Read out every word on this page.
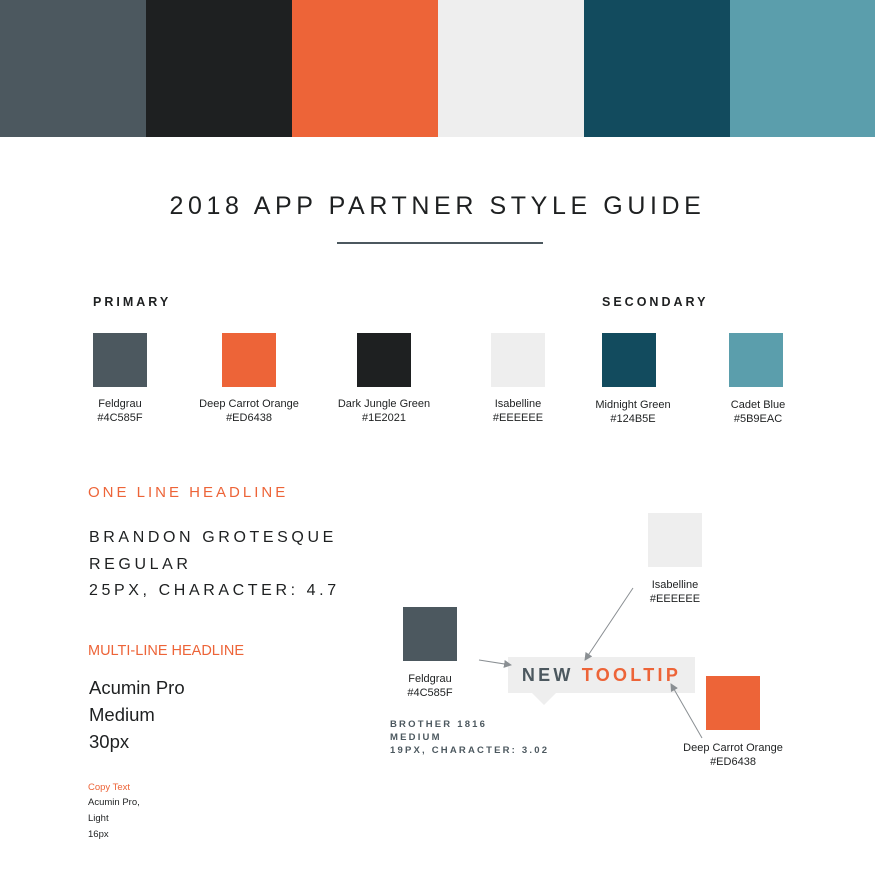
2018 APP PARTNER STYLE GUIDE
PRIMARY	SECONDARY
Feldgrau
#4C585F
Deep Carrot Orange
#ED6438
Dark Jungle Green
#1E2021
Isabelline
#EEEEEE
Midnight Green
#124B5E
Cadet Blue
#5B9EAC
ONE LINE HEADLINE
BRANDON GROTESQUE
REGULAR
25PX, CHARACTER: 4.7
MULTI-LINE HEADLINE
Acumin Pro
Medium
30px
Copy Text
Acumin Pro,
Light
16px
Isabelline
#EEEEEE
Feldgrau
#4C585F
Deep Carrot Orange
#ED6438
NEW TOOLTIP
BROTHER 1816
MEDIUM
19PX, CHARACTER: 3.02
